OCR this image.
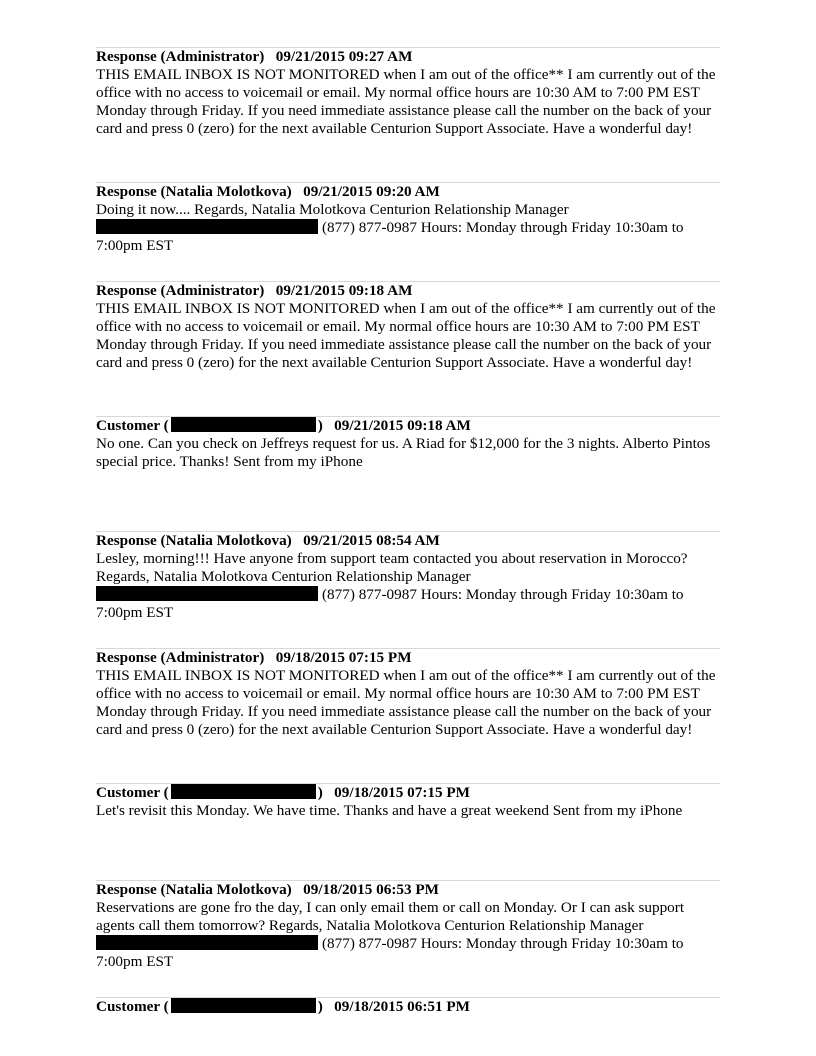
Response (Administrator) 09/21/2015 09:27 AM
THIS EMAIL INBOX IS NOT MONITORED when I am out of the office** I am currently out of the office with no access to voicemail or email. My normal office hours are 10:30 AM to 7:00 PM EST Monday through Friday. If you need immediate assistance please call the number on the back of your card and press 0 (zero) for the next available Centurion Support Associate. Have a wonderful day!
Response (Natalia Molotkova) 09/21/2015 09:20 AM
Doing it now.... Regards, Natalia Molotkova Centurion Relationship Manager
(877) 877-0987 Hours: Monday through Friday 10:30am to 7:00pm EST
Response (Administrator) 09/21/2015 09:18 AM
THIS EMAIL INBOX IS NOT MONITORED when I am out of the office** I am currently out of the office with no access to voicemail or email. My normal office hours are 10:30 AM to 7:00 PM EST Monday through Friday. If you need immediate assistance please call the number on the back of your card and press 0 (zero) for the next available Centurion Support Associate. Have a wonderful day!
Customer (	) 09/21/2015 09:18 AM
No one. Can you check on Jeffreys request for us. A Riad for $12,000 for the 3 nights. Alberto Pintos special price. Thanks! Sent from my iPhone
Response (Natalia Molotkova) 09/21/2015 08:54 AM
Lesley, morning!!! Have anyone from support team contacted you about reservation in Morocco? Regards, Natalia Molotkova Centurion Relationship Manager
(877) 877-0987 Hours: Monday through Friday 10:30am to 7:00pm EST
Response (Administrator) 09/18/2015 07:15 PM
THIS EMAIL INBOX IS NOT MONITORED when I am out of the office** I am currently out of the office with no access to voicemail or email. My normal office hours are 10:30 AM to 7:00 PM EST Monday through Friday. If you need immediate assistance please call the number on the back of your card and press 0 (zero) for the next available Centurion Support Associate. Have a wonderful day!
Customer (	) 09/18/2015 07:15 PM
Let's revisit this Monday. We have time. Thanks and have a great weekend Sent from my iPhone
Response (Natalia Molotkova) 09/18/2015 06:53 PM
Reservations are gone fro the day, I can only email them or call on Monday. Or I can ask support agents call them tomorrow? Regards, Natalia Molotkova Centurion Relationship Manager
(877) 877-0987 Hours: Monday through Friday 10:30am to 7:00pm EST
Customer (	) 09/18/2015 06:51 PM
